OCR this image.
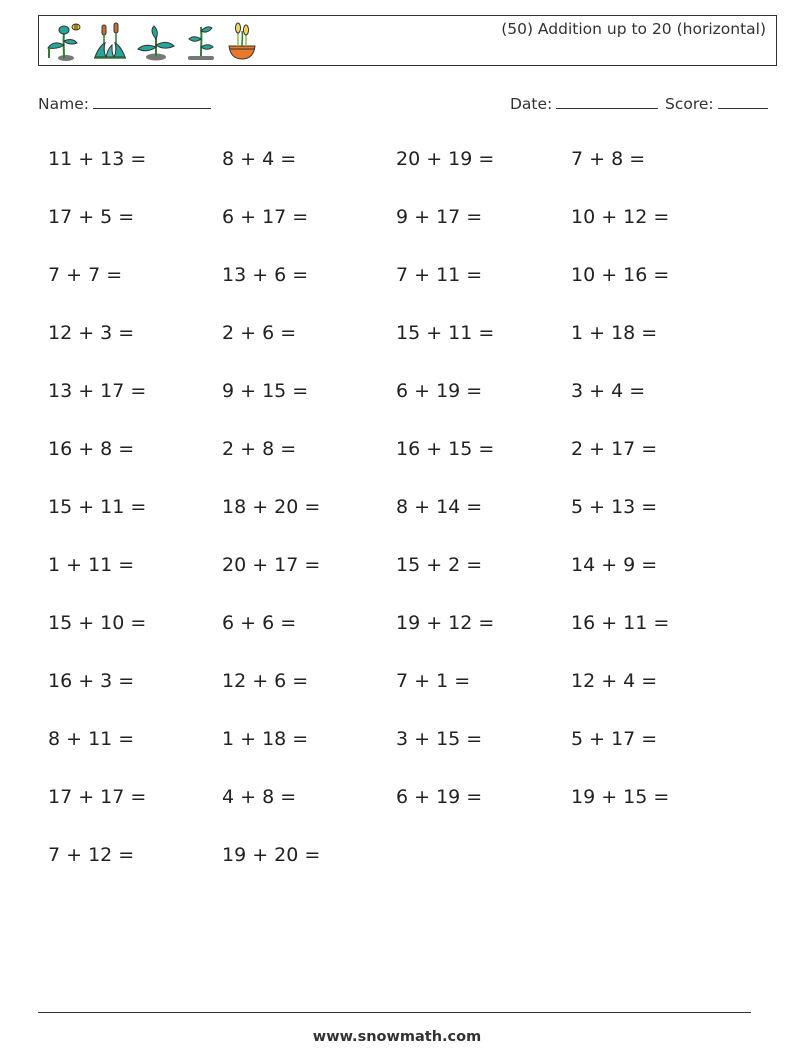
(50) Addition up to 20 (horizontal)
Name:	Date:	Score:
11 + 13 =	8 + 4 =	20 + 19 =	7 + 8 =
17 + 5 =	6 + 17 =	9 + 17 =	10 + 12 =
7 + 7 =	13 + 6 =	7 + 11 =	10 + 16 =
12 + 3 =	2 + 6 =	15 + 11 =	1 + 18 =
13 + 17 =	9 + 15 =	6 + 19 =	3 + 4 =
16 + 8 =	2 + 8 =	16 + 15 =	2 + 17 =
15 + 11 =	18 + 20 =	8 + 14 =	5 + 13 =
1 + 11 =	20 + 17 =	15 + 2 =	14 + 9 =
15 + 10 =	6 + 6 =	19 + 12 =	16 + 11 =
16 + 3 =	12 + 6 =	7 + 1 =	12 + 4 =
8 + 11 =	1 + 18 =	3 + 15 =	5 + 17 =
17 + 17 =	4 + 8 =	6 + 19 =	19 + 15 =
7 + 12 =	19 + 20 =
www.snowmath.com
